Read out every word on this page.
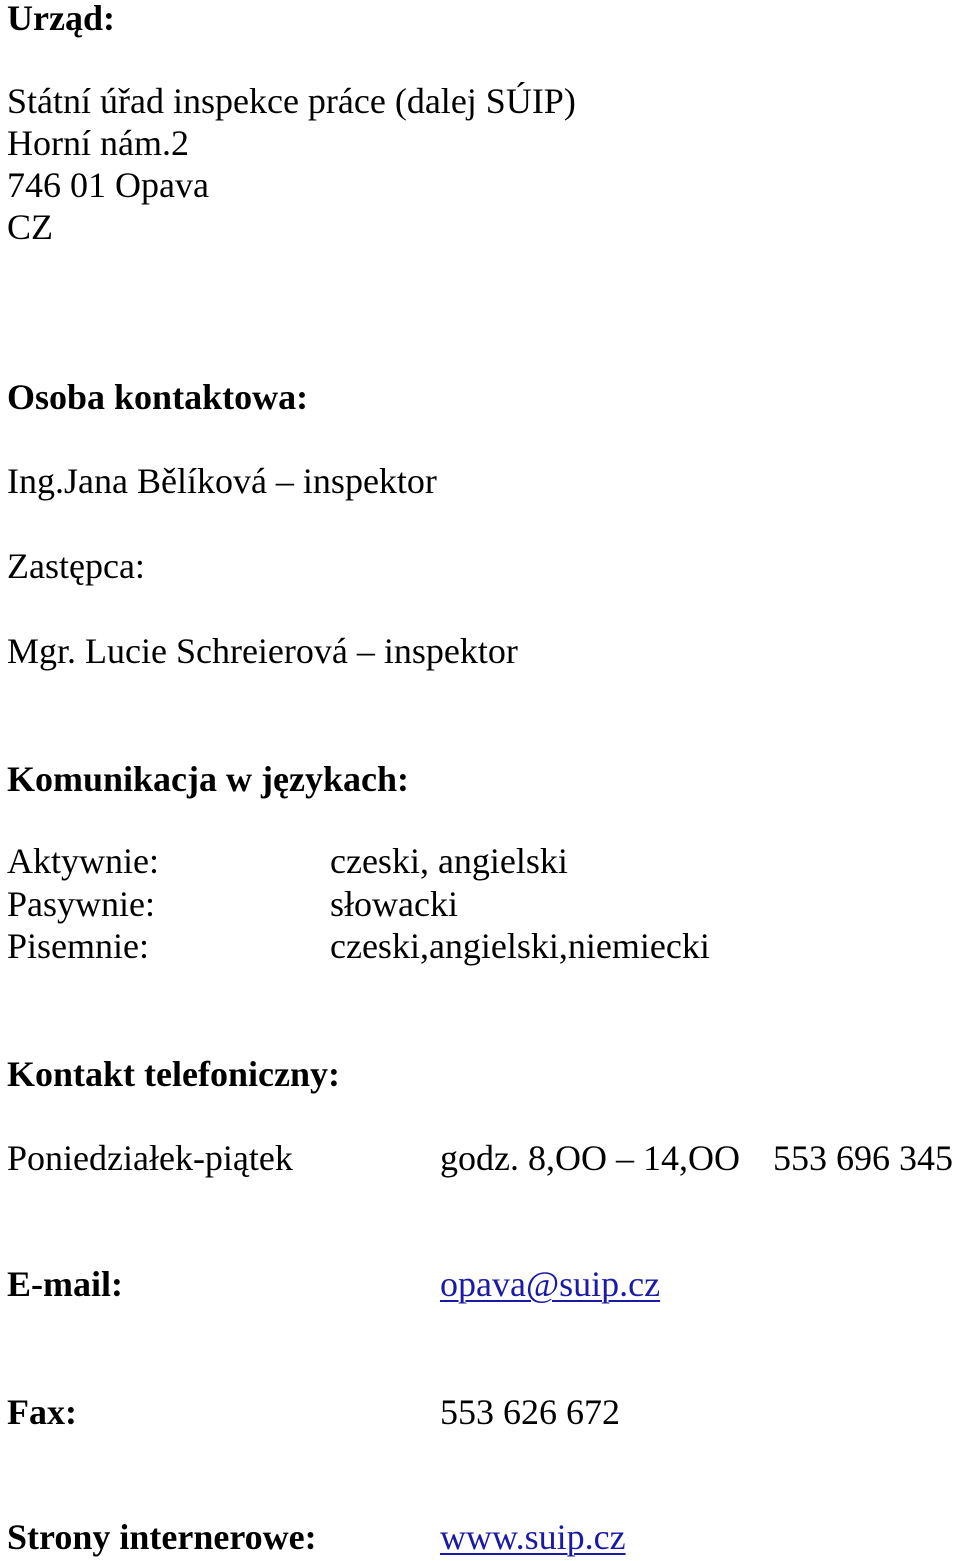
Urząd:

Státní úřad inspekce práce (dalej SÚIP)

Horní nám.2

746 01 Opava

CZ

Osoba kontaktowa:

Ing.Jana Bělíková – inspektor

Zastępca:

Mgr. Lucie Schreierová – inspektor

Komunikacja w językach:

Aktywnie:	czeski, angielski

Pasywnie:	słowacki

Pisemnie:	czeski,angielski,niemiecki

Kontakt telefoniczny:

Poniedziałek-piątek	godz. 8,OO – 14,OO 553 696 345

E-mail:	opava@suip.cz

Fax:	553 626 672

Strony internerowe:	www.suip.cz
